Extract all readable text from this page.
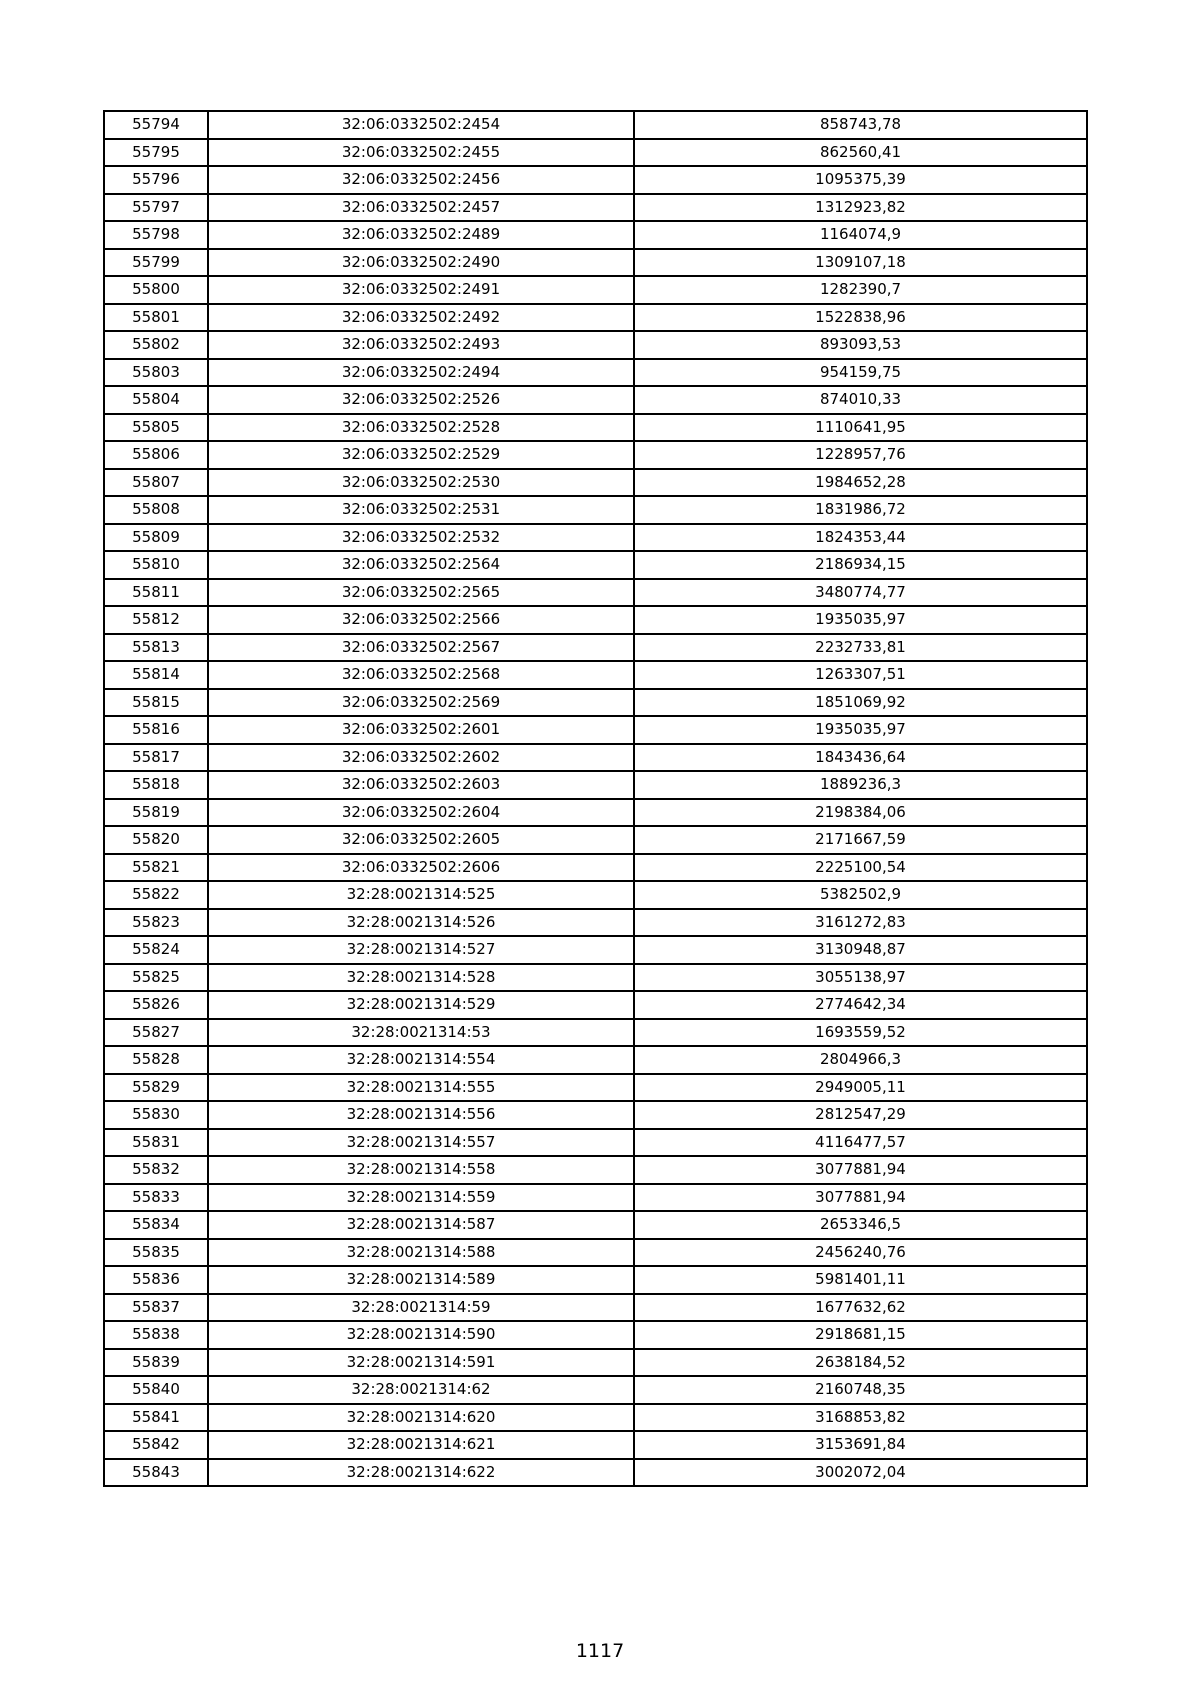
55794	32:06:0332502:2454	858743,78
55795	32:06:0332502:2455	862560,41
55796	32:06:0332502:2456	1095375,39
55797	32:06:0332502:2457	1312923,82
55798	32:06:0332502:2489	1164074,9
55799	32:06:0332502:2490	1309107,18
55800	32:06:0332502:2491	1282390,7
55801	32:06:0332502:2492	1522838,96
55802	32:06:0332502:2493	893093,53
55803	32:06:0332502:2494	954159,75
55804	32:06:0332502:2526	874010,33
55805	32:06:0332502:2528	1110641,95
55806	32:06:0332502:2529	1228957,76
55807	32:06:0332502:2530	1984652,28
55808	32:06:0332502:2531	1831986,72
55809	32:06:0332502:2532	1824353,44
55810	32:06:0332502:2564	2186934,15
55811	32:06:0332502:2565	3480774,77
55812	32:06:0332502:2566	1935035,97
55813	32:06:0332502:2567	2232733,81
55814	32:06:0332502:2568	1263307,51
55815	32:06:0332502:2569	1851069,92
55816	32:06:0332502:2601	1935035,97
55817	32:06:0332502:2602	1843436,64
55818	32:06:0332502:2603	1889236,3
55819	32:06:0332502:2604	2198384,06
55820	32:06:0332502:2605	2171667,59
55821	32:06:0332502:2606	2225100,54
55822	32:28:0021314:525	5382502,9
55823	32:28:0021314:526	3161272,83
55824	32:28:0021314:527	3130948,87
55825	32:28:0021314:528	3055138,97
55826	32:28:0021314:529	2774642,34
55827	32:28:0021314:53	1693559,52
55828	32:28:0021314:554	2804966,3
55829	32:28:0021314:555	2949005,11
55830	32:28:0021314:556	2812547,29
55831	32:28:0021314:557	4116477,57
55832	32:28:0021314:558	3077881,94
55833	32:28:0021314:559	3077881,94
55834	32:28:0021314:587	2653346,5
55835	32:28:0021314:588	2456240,76
55836	32:28:0021314:589	5981401,11
55837	32:28:0021314:59	1677632,62
55838	32:28:0021314:590	2918681,15
55839	32:28:0021314:591	2638184,52
55840	32:28:0021314:62	2160748,35
55841	32:28:0021314:620	3168853,82
55842	32:28:0021314:621	3153691,84
55843	32:28:0021314:622	3002072,04
1117
